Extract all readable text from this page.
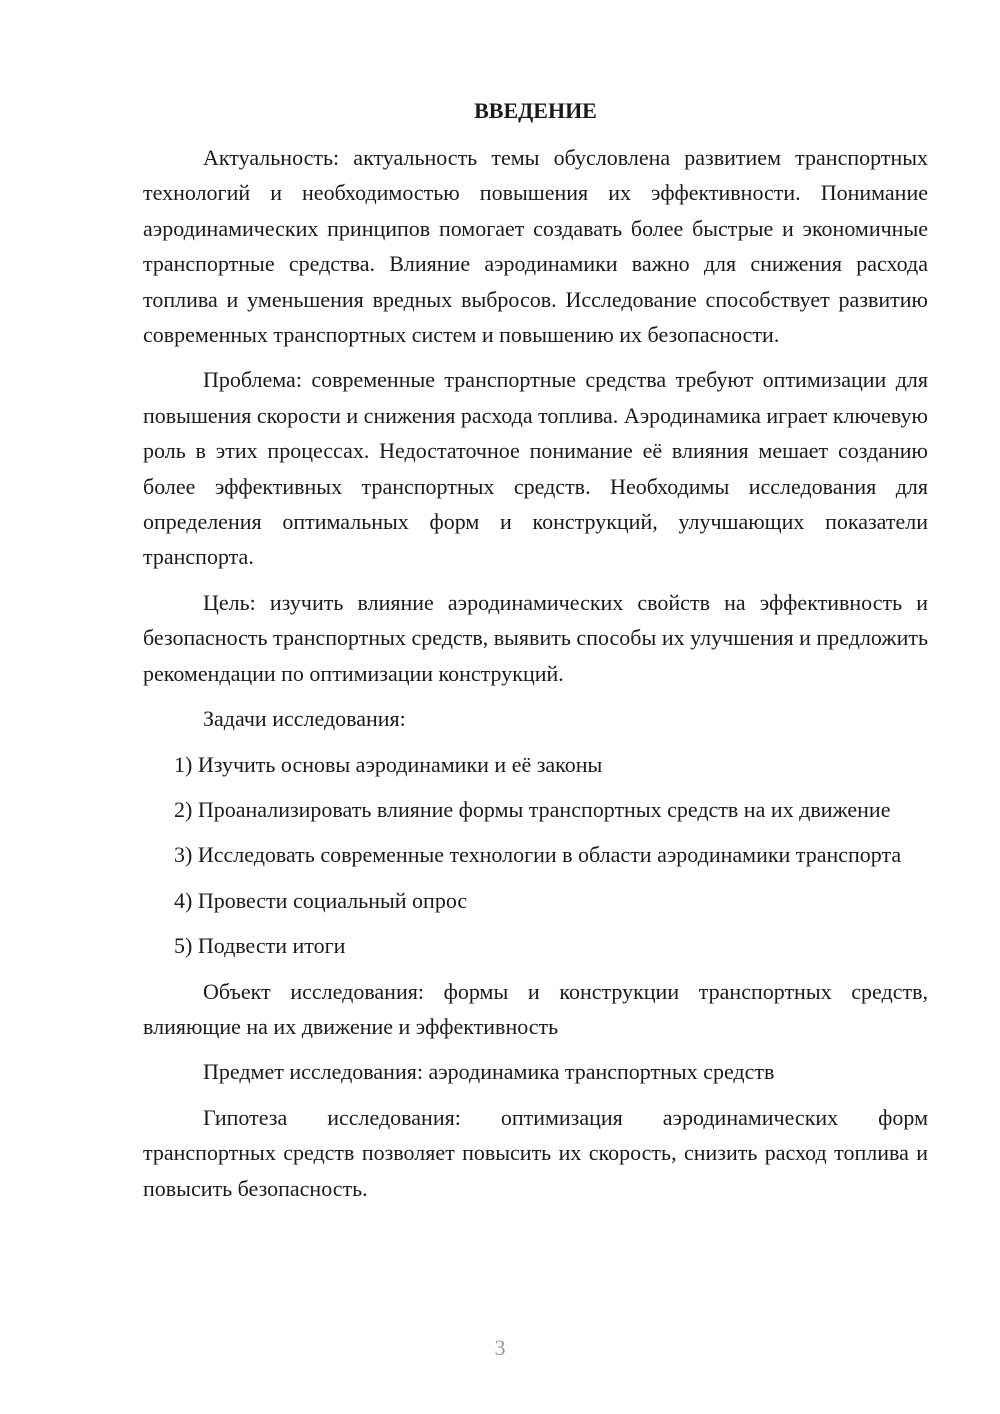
ВВЕДЕНИЕ

Актуальность: актуальность темы обусловлена развитием транспортных технологий и необходимостью повышения их эффективности. Понимание аэродинамических принципов помогает создавать более быстрые и экономичные транспортные средства. Влияние аэродинамики важно для снижения расхода топлива и уменьшения вредных выбросов. Исследование способствует развитию современных транспортных систем и повышению их безопасности.

Проблема: современные транспортные средства требуют оптимизации для повышения скорости и снижения расхода топлива. Аэродинамика играет ключевую роль в этих процессах. Недостаточное понимание её влияния мешает созданию более эффективных транспортных средств. Необходимы исследования для определения оптимальных форм и конструкций, улучшающих показатели транспорта.

Цель: изучить влияние аэродинамических свойств на эффективность и безопасность транспортных средств, выявить способы их улучшения и предложить рекомендации по оптимизации конструкций.

Задачи исследования:

1) Изучить основы аэродинамики и её законы

2) Проанализировать влияние формы транспортных средств на их движение

3) Исследовать современные технологии в области аэродинамики транспорта

4) Провести социальный опрос

5) Подвести итоги

Объект исследования: формы и конструкции транспортных средств, влияющие на их движение и эффективность

Предмет исследования: аэродинамика транспортных средств

Гипотеза исследования: оптимизация аэродинамических форм транспортных средств позволяет повысить их скорость, снизить расход топлива и повысить безопасность.

3
